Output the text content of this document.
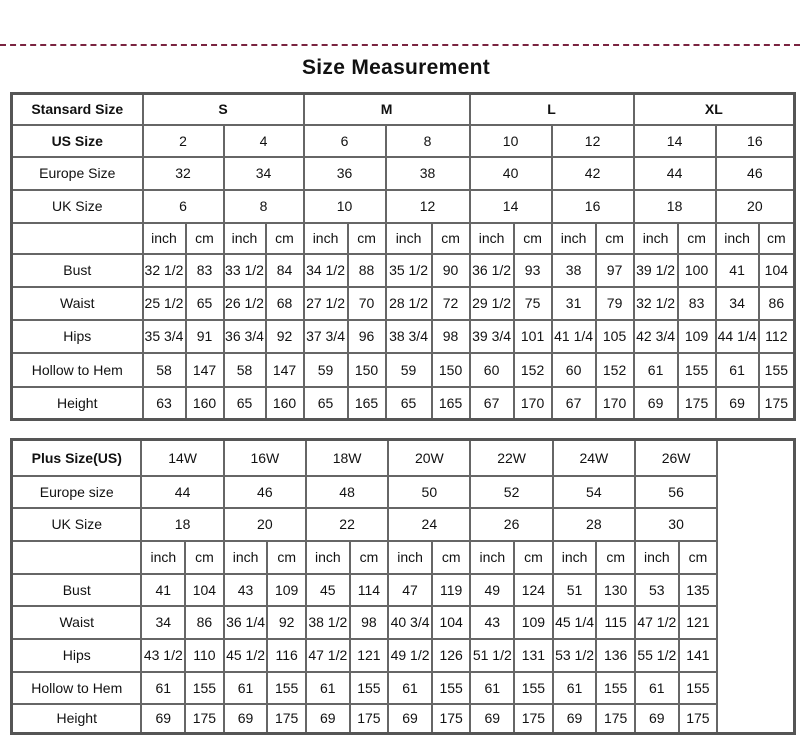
Size Measurement
Stansard Size	S				M				L				XL			
US Size	2		4		6		8		10		12		14		16	
Europe Size	32		34		36		38		40		42		44		46	
UK Size	6		8		10		12		14		16		18		20	
	inch	cm	inch	cm	inch	cm	inch	cm	inch	cm	inch	cm	inch	cm	inch	cm
Bust	32 1/2	83	33 1/2	84	34 1/2	88	35 1/2	90	36 1/2	93	38	97	39 1/2	100	41	104
Waist	25 1/2	65	26 1/2	68	27 1/2	70	28 1/2	72	29 1/2	75	31	79	32 1/2	83	34	86
Hips	35 3/4	91	36 3/4	92	37 3/4	96	38 3/4	98	39 3/4	101	41 1/4	105	42 3/4	109	44 1/4	112
Hollow to Hem	58	147	58	147	59	150	59	150	60	152	60	152	61	155	61	155
Height	63	160	65	160	65	165	65	165	67	170	67	170	69	175	69	175
Plus Size(US)	14W		16W		18W		20W		22W		24W		26W		
Europe size	44		46		48		50		52		54		56		
UK Size	18		20		22		24		26		28		30		
	inch	cm	inch	cm	inch	cm	inch	cm	inch	cm	inch	cm	inch	cm	
Bust	41	104	43	109	45	114	47	119	49	124	51	130	53	135	
Waist	34	86	36 1/4	92	38 1/2	98	40 3/4	104	43	109	45 1/4	115	47 1/2	121	
Hips	43 1/2	110	45 1/2	116	47 1/2	121	49 1/2	126	51 1/2	131	53 1/2	136	55 1/2	141	
Hollow to Hem	61	155	61	155	61	155	61	155	61	155	61	155	61	155	
Height	69	175	69	175	69	175	69	175	69	175	69	175	69	175	
